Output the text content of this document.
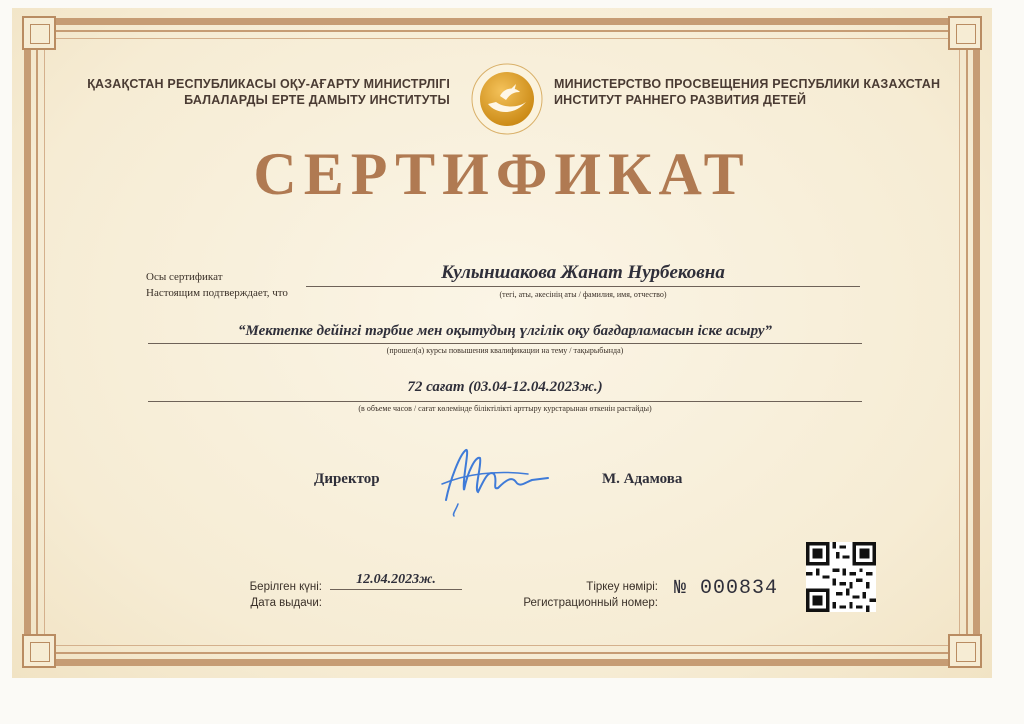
ҚАЗАҚСТАН РЕСПУБЛИКАСЫ ОҚУ-АҒАРТУ МИНИСТРЛІГІ
БАЛАЛАРДЫ ЕРТЕ ДАМЫТУ ИНСТИТУТЫ
МИНИСТЕРСТВО ПРОСВЕЩЕНИЯ РЕСПУБЛИКИ КАЗАХСТАН
ИНСТИТУТ РАННЕГО РАЗВИТИЯ ДЕТЕЙ
СЕРТИФИКАТ
Осы сертификат
Настоящим подтверждает, что
Кулыншакова Жанат Нурбековна
(тегі, аты, әкесінің аты / фамилия, имя, отчество)
“Мектепке дейінгі тәрбие мен оқытудың үлгілік оқу бағдарламасын іске асыру”
(прошел(а) курсы повышения квалификации на тему / тақырыбында)
72 сағат (03.04-12.04.2023ж.)
(в объеме часов / сағат көлемінде біліктілікті арттыру курстарынан өткенін растайды)
Директор	М. Адамова
Берілген күні:
Дата выдачи:
12.04.2023ж.	Тіркеу нөмірі:
Регистрационный номер:
№ 000834
